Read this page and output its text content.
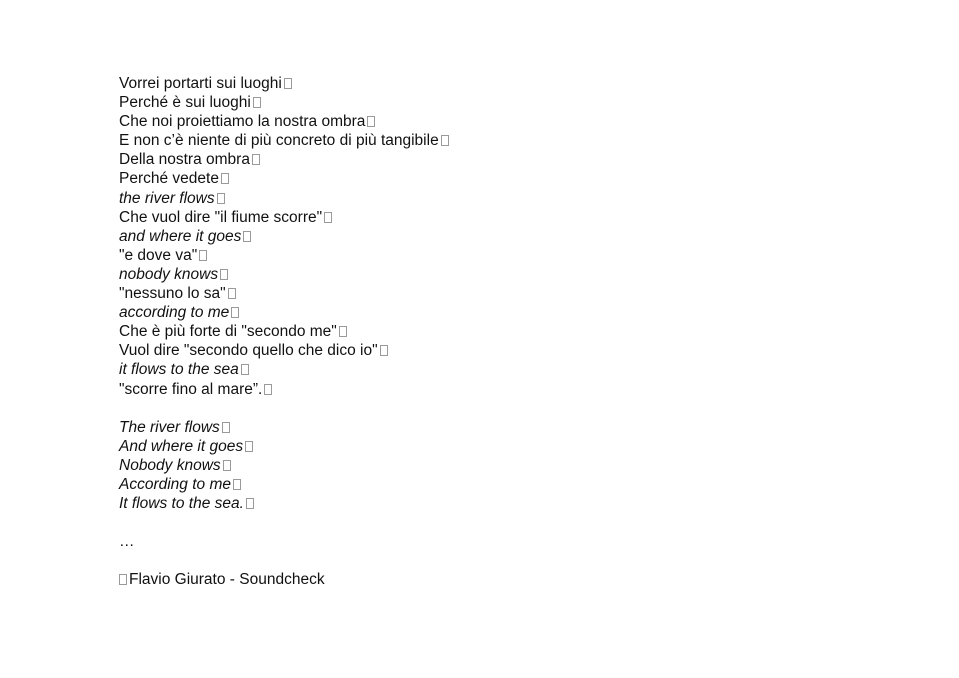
Vorrei portarti sui luoghi
Perché è sui luoghi
Che noi proiettiamo la nostra ombra
E non c’è niente di più concreto di più tangibile
Della nostra ombra
Perché vedete
the river flows
Che vuol dire "il fiume scorre"
and where it goes
"e dove va"
nobody knows
"nessuno lo sa"
according to me
Che è più forte di "secondo me"
Vuol dire "secondo quello che dico io"
it flows to the sea
"scorre fino al mare”.
The river flows
And where it goes
Nobody knows
According to me
It flows to the sea.
…
Flavio Giurato - Soundcheck
